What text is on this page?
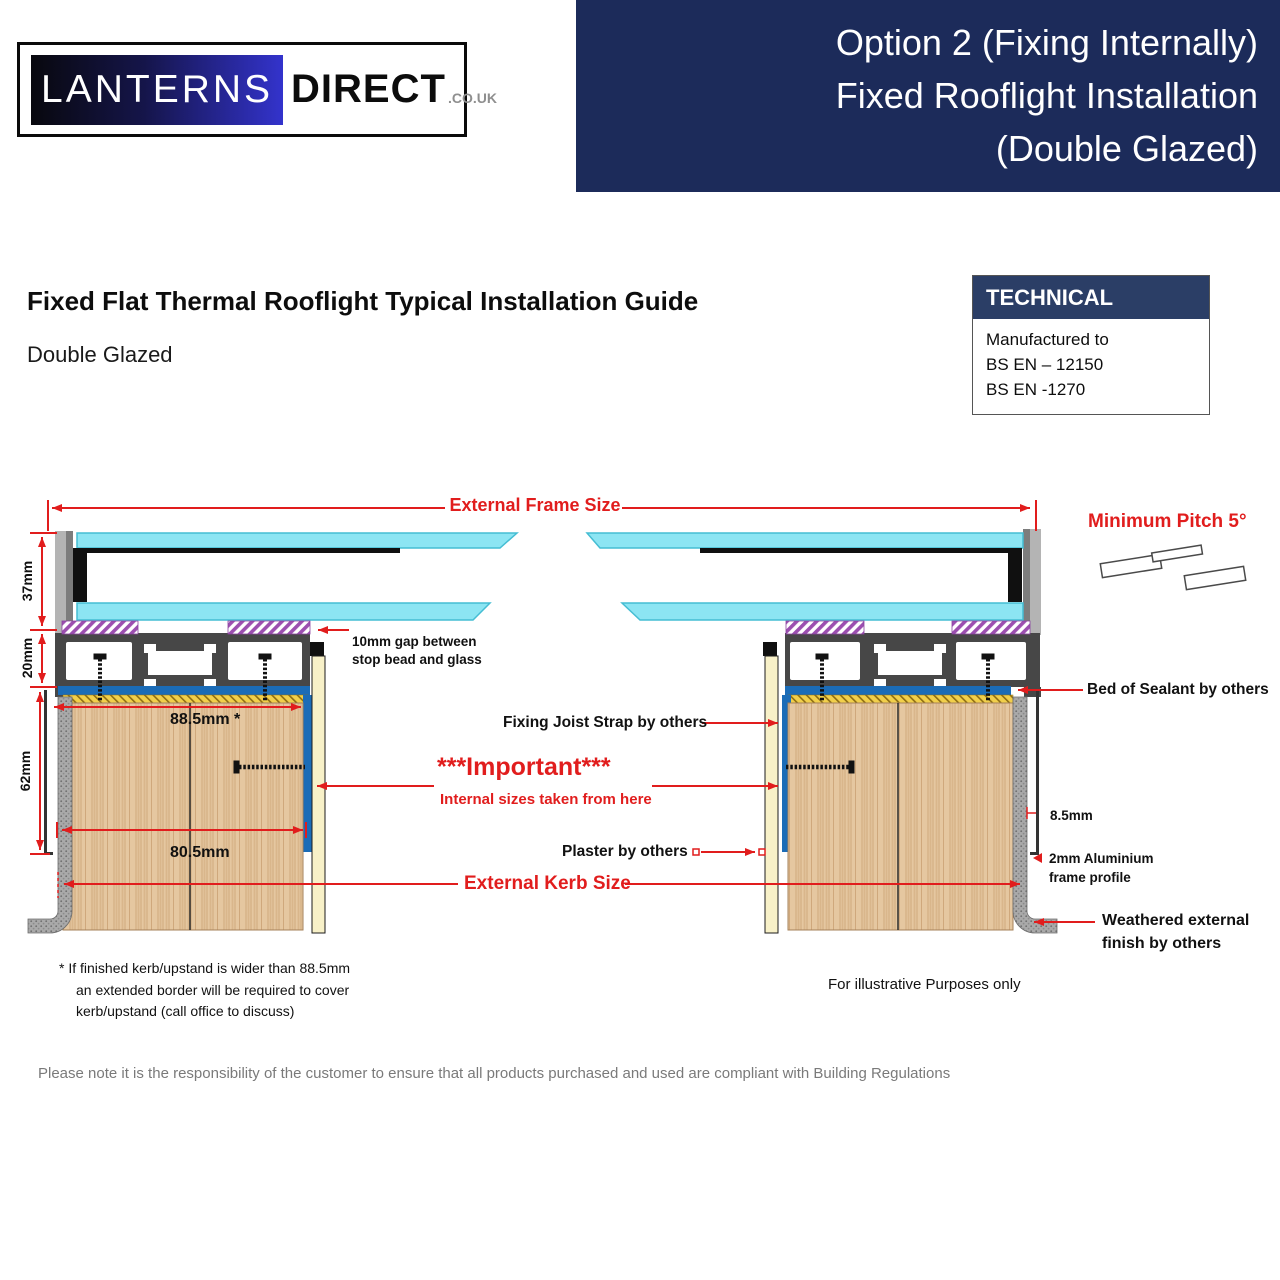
LANTERNS DIRECT .CO.UK
Option 2 (Fixing Internally)
Fixed Rooflight Installation
(Double Glazed)
Fixed Flat Thermal Rooflight Typical Installation Guide
Double Glazed
TECHNICAL
Manufactured to
BS EN – 12150
BS EN -1270
External Frame Size
Minimum Pitch 5°
10mm gap between
stop bead and glass
37mm
20mm
62mm
88.5mm *
80.5mm
Fixing Joist Strap by others
***Important***
Internal sizes taken from here
Plaster by others
External Kerb Size
Bed of Sealant by others
8.5mm
2mm Aluminium
frame profile
Weathered external
finish by others
For illustrative Purposes only
* If finished kerb/upstand is wider than 88.5mm
an extended border will be required to cover
kerb/upstand (call office to discuss)
Please note it is the responsibility of the customer to ensure that all products purchased and used are compliant with Building Regulations
